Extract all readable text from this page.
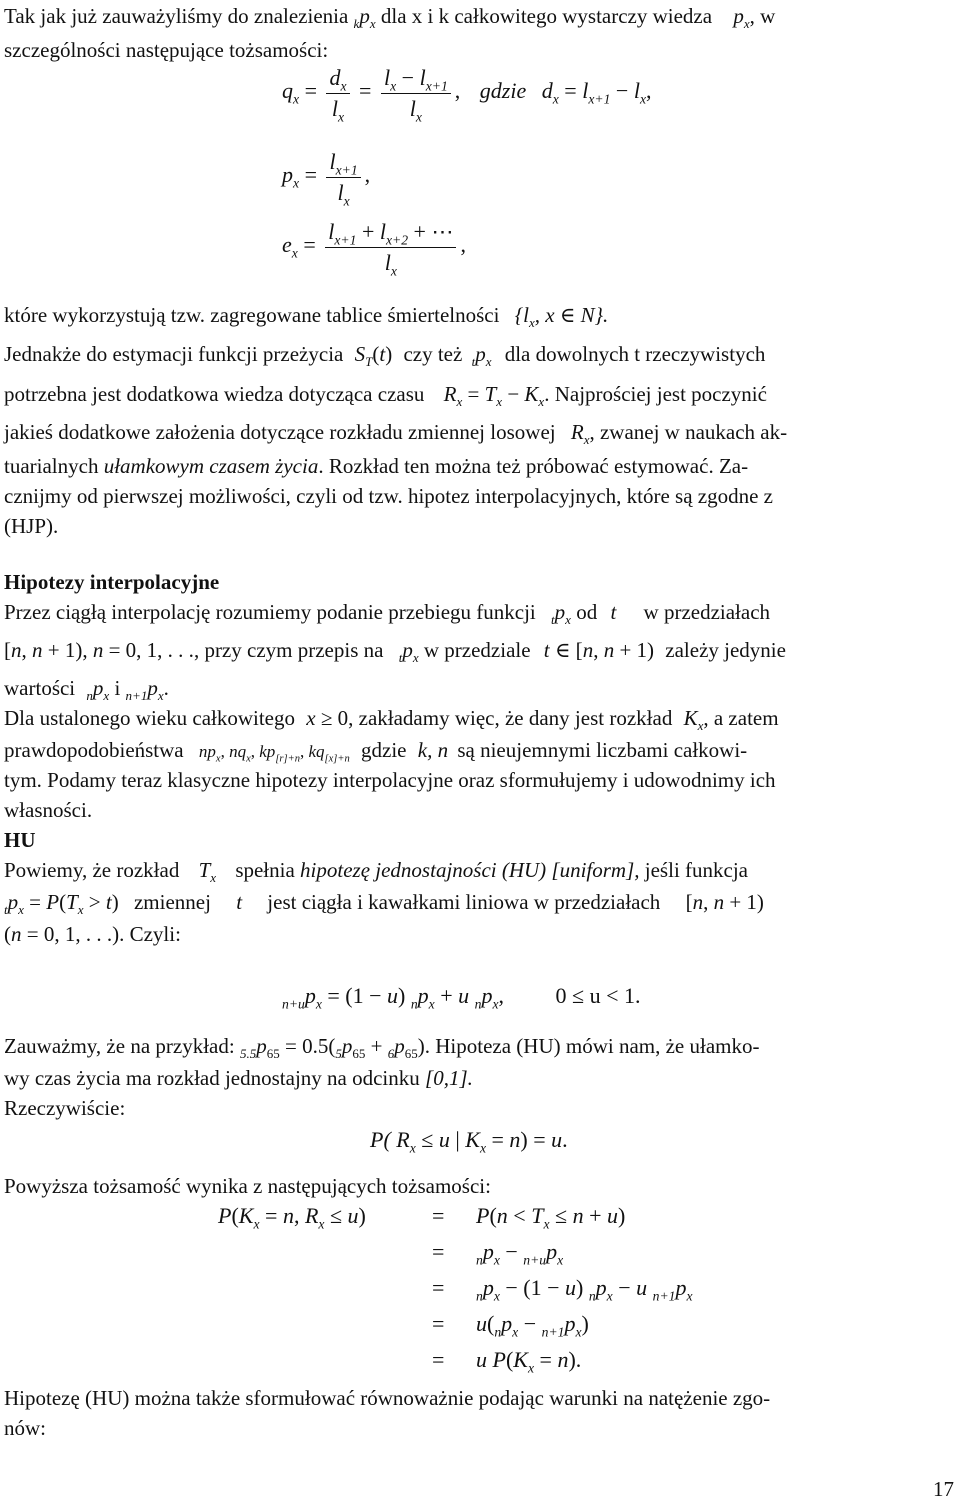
Tak jak już zauważyliśmy do znalezienia $_kp_x$ dla x i k całkowitego wystarczy wiedza $p_x$, w
szczególności następujące tożsamości:
$q_x = \frac{d_x}{l_x} = \frac{l_x - l_{x+1}}{l_x}$ , gdzie $d_x = l_{x+1} - l_x$,
$p_x = \frac{l_{x+1}}{l_x}$ ,
$e_x = \frac{l_{x+1} + l_{x+2} + \cdots}{l_x}$ ,
które wykorzystują tzw. zagregowane tablice śmiertelności {$l_x$, x ∈ N}.
Jednakże do estymacji funkcji przeżycia $S_T(t)$ czy też $_tp_x$ dla dowolnych t rzeczywistych
potrzebna jest dodatkowa wiedza dotycząca czasu $R_x = T_x - K_x$. Najprościej jest poczynić
jakieś dodatkowe założenia dotyczące rozkładu zmiennej losowej $R_x$, zwanej w naukach ak-
tuarialnych ułamkowym czasem życia. Rozkład ten można też próbować estymować. Za-
cznijmy od pierwszej możliwości, czyli od tzw. hipotez interpolacyjnych, które są zgodne z
(HJP).
Hipotezy interpolacyjne
Przez ciągłą interpolację rozumiemy podanie przebiegu funkcji $_tp_x$ od t w przedziałach
[n, n + 1), n = 0, 1, . . ., przy czym przepis na $_tp_x$ w przedziale t ∈ [n, n + 1) zależy jedynie
wartości $_np_x$ i $_{n+1}p_x$.
Dla ustalonego wieku całkowitego x ≥ 0, zakładamy więc, że dany jest rozkład $K_x$, a zatem
prawdopodobieństwa $np_x$, $nq_x$, $kp_{[r]+n}$, $kq_{[x]+n}$ gdzie k, n są nieujemnymi liczbami całkowi-
tym. Podamy teraz klasyczne hipotezy interpolacyjne oraz sformułujemy i udowodnimy ich
własności.
HU
Powiemy, że rozkład $T_x$ spełnia hipotezę jednostajności (HU) [uniform], jeśli funkcja
$_tp_x = P(T_x > t)$ zmiennej t jest ciągła i kawałkami liniowa w przedziałach [n, n + 1)
(n = 0, 1, . . .). Czyli:
$_{n+u}p_x = (1 - u) _np_x + u$ $_np_x$, 0 ≤ u < 1.
Zauważmy, że na przykład: $_{5.5}p_{65} = 0.5(_5p_{65} + _6p_{65})$. Hipoteza (HU) mówi nam, że ułamko-
wy czas życia ma rozkład jednostajny na odcinku [0,1].
Rzeczywiście:
P( $R_x \le u$ | $K_x = n) = u$.
Powyższa tożsamość wynika z następujących tożsamości:
$P(K_x = n$, $R_x \le u$)	= $P(n < T_x \le n + u)$
= $_np_x - _{n+u}p_x$
= $_np_x - (1 - u) _np_x - u$ $_{n+1}p_x$
= $u(_np_x - _{n+1}p_x)$
= u $P(K_x = n)$.
Hipotezę (HU) można także sformułować równoważnie podając warunki na natężenie zgo-
nów:
17
